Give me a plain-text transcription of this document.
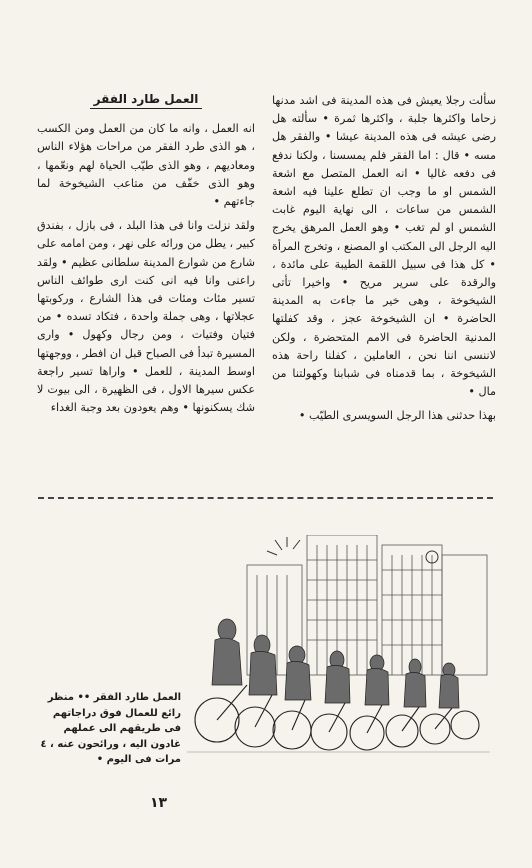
سألت رجلا يعيش فى هذه المدينة فى اشد مدنها زحاما واكثرها جلبة ، واكثرها ثمرة • سألته هل رضى عيشه فى هذه المدينة عيشا • والفقر هل مسه • قال : اما الفقر فلم يمسسنا ، ولكنا ندفع فى دفعه غاليا • انه العمل المتصل مع اشعة الشمس او ما وجب ان تطلع علينا فيه اشعة الشمس من ساعات ، الى نهاية اليوم غابت الشمس او لم تغب • وهو العمل المرهق يخرج اليه الرجل الى المكتب او المصنع ، وتخرج المرأة • كل هذا فى سبيل اللقمة الطيبة على مائدة ، والرقدة على سرير مريح • واخيرا تأتى الشيخوخة ، وهى خير ما جاءت به المدينة الحاضرة • ان الشيخوخة عجز ، وقد كفلتها المدنية الحاضرة فى الامم المتحضرة ، ولكن لاننسى اننا نحن ، العاملين ، كفلنا راحة هذه الشيخوخة ، بما قدمناه فى شبابنا وكهولتنا من مال •

بهذا حدثنى هذا الرجل السويسرى الطيّب •

العمل طارد الفقر

انه العمل ، وانه ما كان من العمل ومن الكسب ، هو الذى طرد الفقر من مراحات هؤلاء الناس ومعاديهم ، وهو الذى طيّب الحياة لهم ونعّمها ، وهو الذى خفّف من متاعب الشيخوخة لما جاءتهم •

ولقد نزلت وانا فى هذا البلد ، فى بازل ، بفندق كبير ، يطل من ورائه على نهر ، ومن امامه على شارع من شوارع المدينة سلطانى عظيم • ولقد راعنى وانا فيه انى كنت ارى طوائف الناس تسير مئات ومئات فى هذا الشارع ، وركوبتها عجلاتها ، وهى جملة واحدة ، فتكاد تسده • من فتيان وفتيات ، ومن رجال وكهول • وارى المسيرة تبدأ فى الصباح قبل ان افطر ، ووجهتها اوسط المدينة ، للعمل • واراها تسير راجعة عكس سيرها الاول ، فى الظهيرة ، الى بيوت لا شك يسكنونها • وهم يعودون بعد وجبة الغداء

العمل طارد الفقر •• منظر رائع للعمال فوق دراجاتهم فى طريقهم الى عملهم غادون اليه ، ورائحون عنه ، ٤ مرات فى اليوم •
١٣
